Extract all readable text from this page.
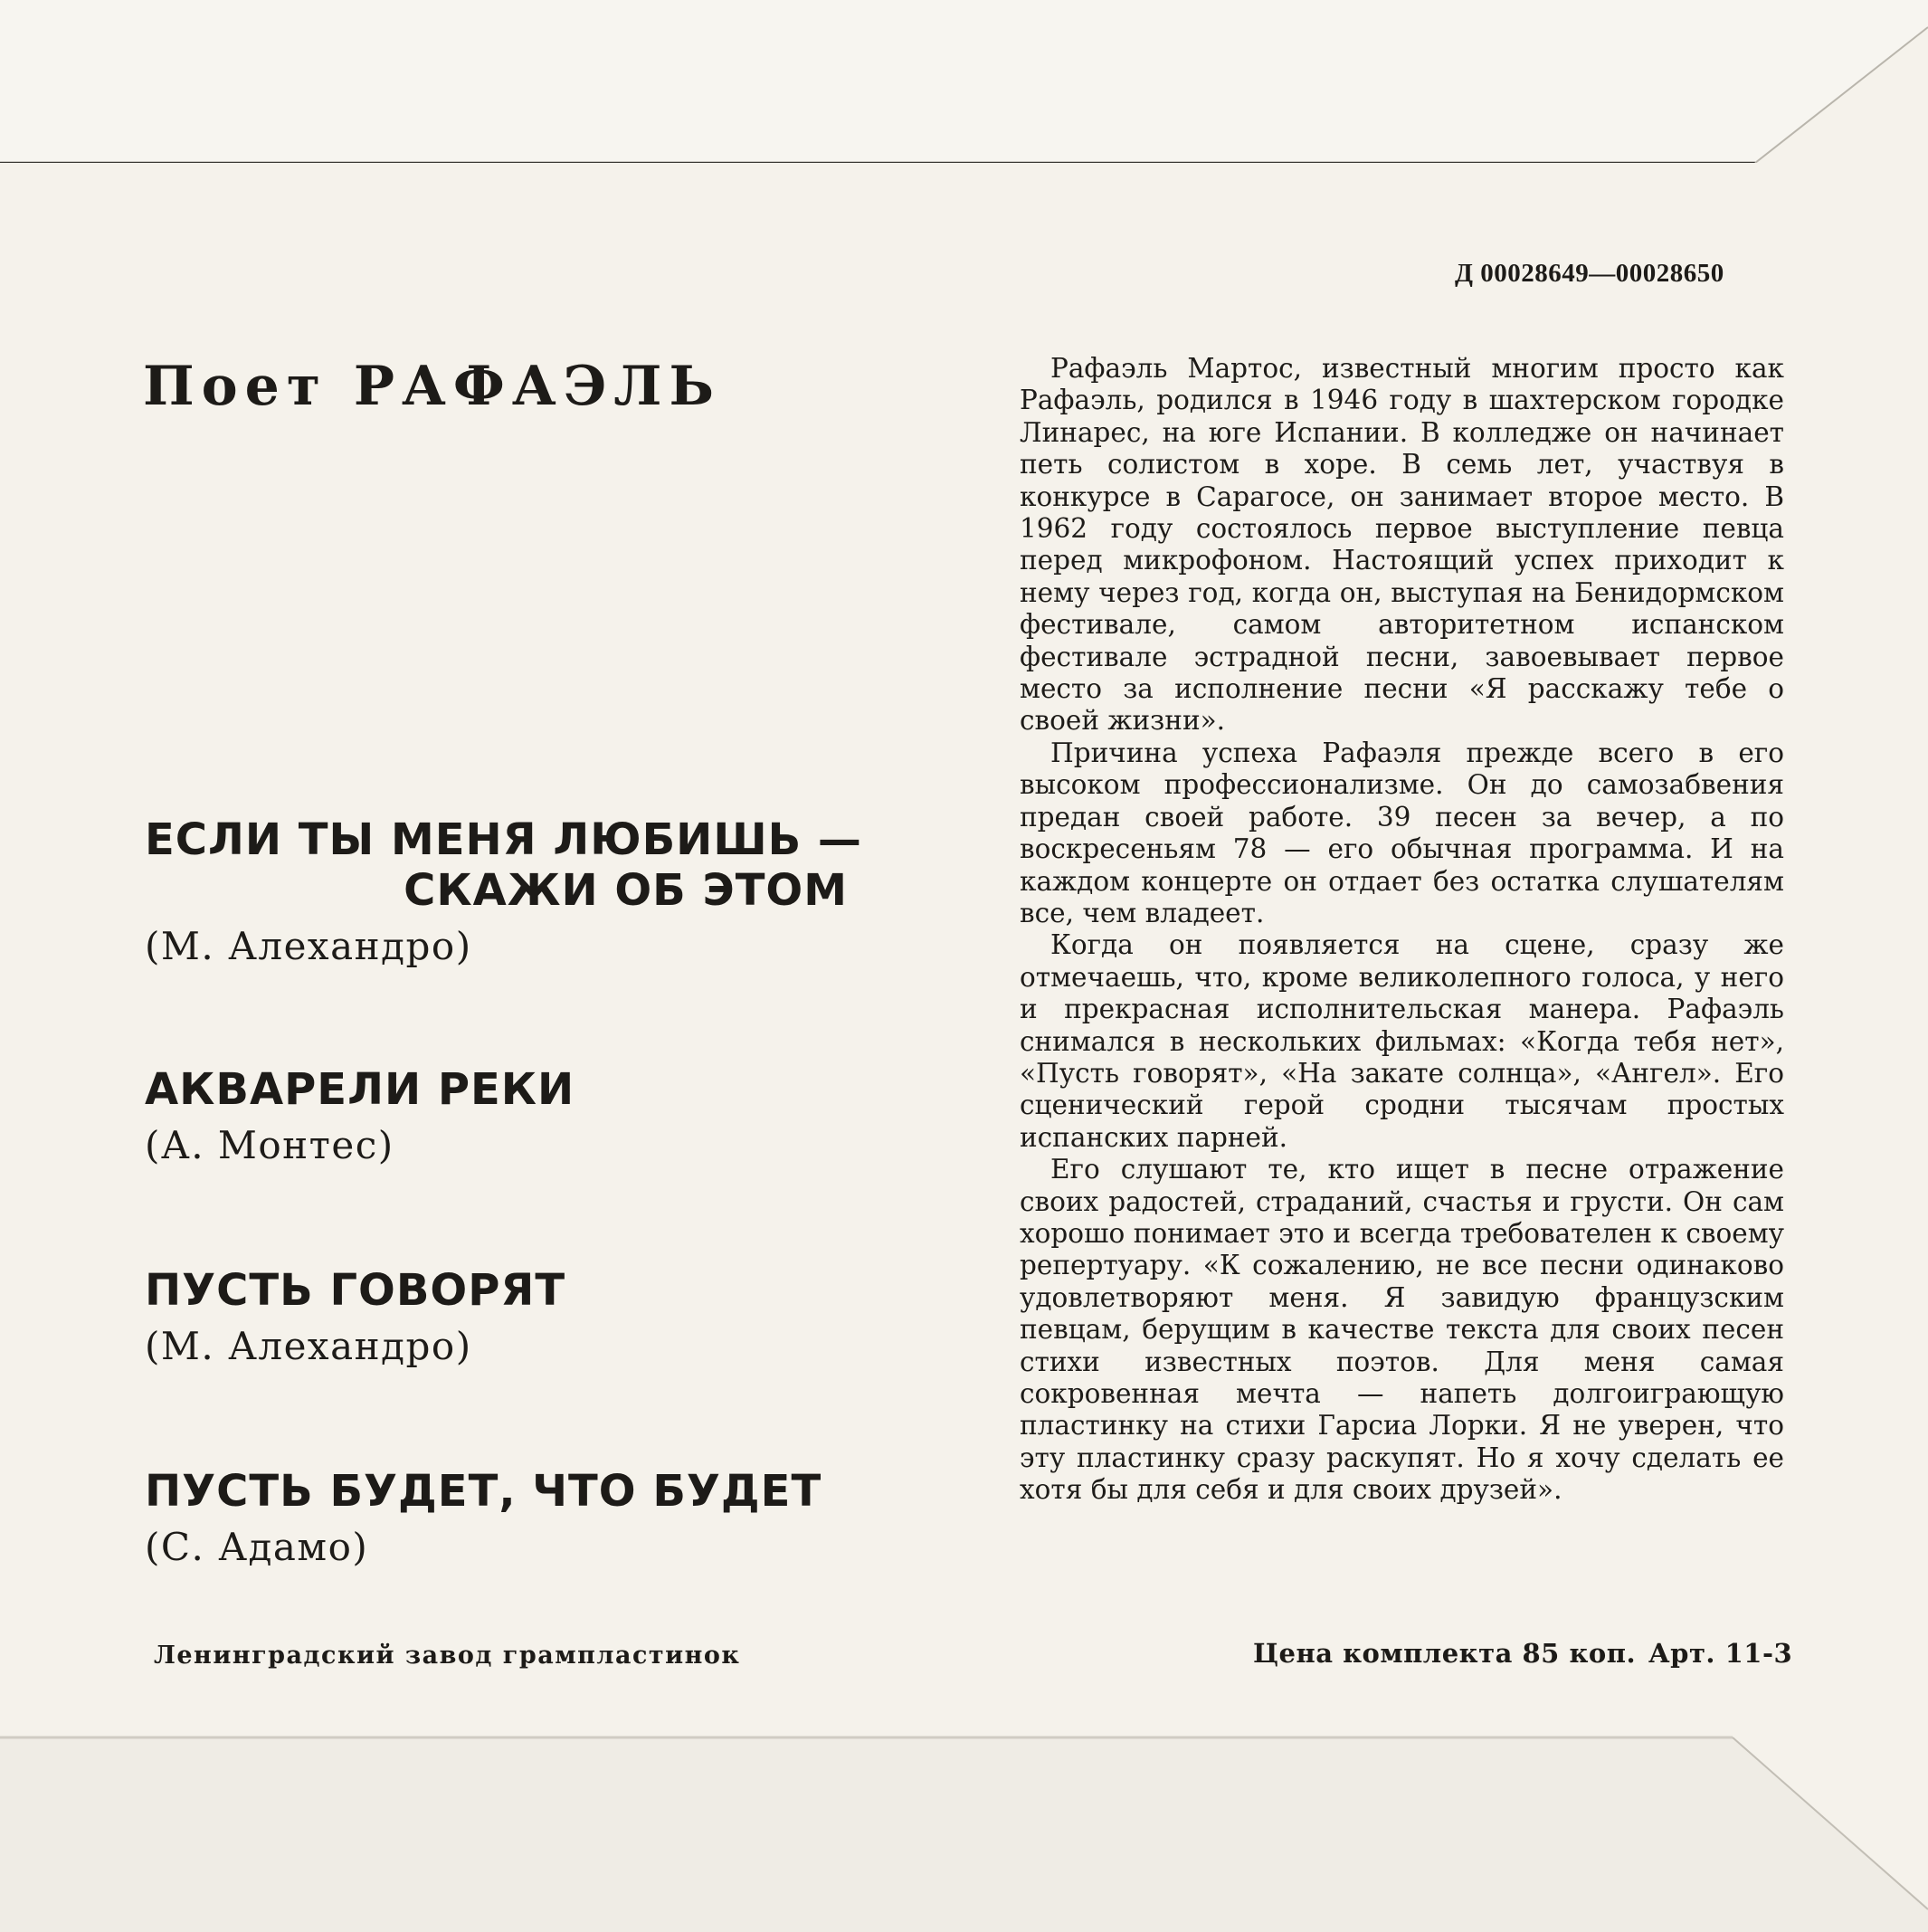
Д 00028649—00028650
Поет РАФАЭЛЬ
ЕСЛИ ТЫ МЕНЯ ЛЮБИШЬ —
СКАЖИ ОБ ЭТОМ
(М. Алехандро)
АКВАРЕЛИ РЕКИ
(А. Монтес)
ПУСТЬ ГОВОРЯТ
(М. Алехандро)
ПУСТЬ БУДЕТ, ЧТО БУДЕТ
(С. Адамо)

Рафаэль Мартос, известный многим просто как Рафаэль, родился в 1946 году в шахтерском городке Линарес, на юге Испании. В колледже он начинает петь солистом в хоре. В семь лет, участвуя в конкурсе в Сарагосе, он занимает второе место. В 1962 году состоялось первое выступление певца перед микрофоном. Настоящий успех приходит к нему через год, когда он, выступая на Бенидормском фестивале, самом авторитетном испанском фестивале эстрадной песни, завоевывает первое место за исполнение песни «Я расскажу тебе о своей жизни».

Причина успеха Рафаэля прежде всего в его высоком профессионализме. Он до самозабвения предан своей работе. 39 песен за вечер, а по воскресеньям 78 — его обычная программа. И на каждом концерте он отдает без остатка слушателям все, чем владеет.

Когда он появляется на сцене, сразу же отмечаешь, что, кроме великолепного голоса, у него и прекрасная исполнительская манера. Рафаэль снимался в нескольких фильмах: «Когда тебя нет», «Пусть говорят», «На закате солнца», «Ангел». Его сценический герой сродни тысячам простых испанских парней.

Его слушают те, кто ищет в песне отражение своих радостей, страданий, счастья и грусти. Он сам хорошо понимает это и всегда требователен к своему репертуару. «К сожалению, не все песни одинаково удовлетворяют меня. Я завидую французским певцам, берущим в качестве текста для своих песен стихи известных поэтов. Для меня самая сокровенная мечта — напеть долгоиграющую пластинку на стихи Гарсиа Лорки. Я не уверен, что эту пластинку сразу раскупят. Но я хочу сделать ее хотя бы для себя и для своих друзей».

Ленинградский завод грампластинок	Цена комплекта 85 коп. Арт. 11-3
